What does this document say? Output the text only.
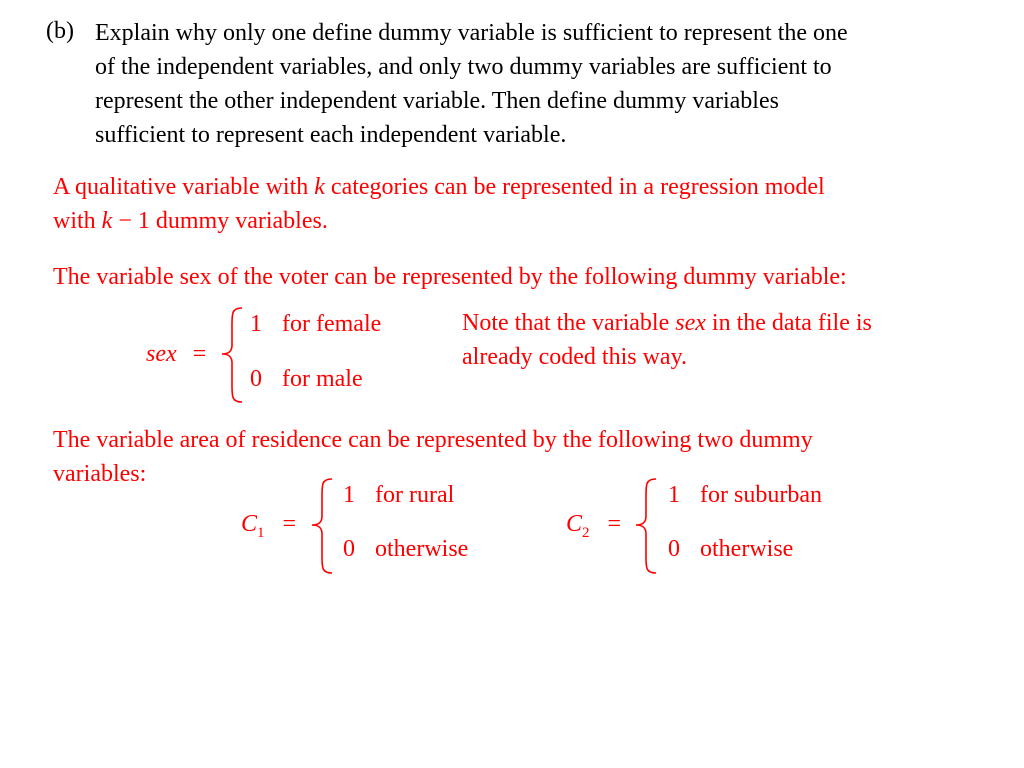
(b) Explain why only one define dummy variable is sufficient to represent the one
of the independent variables, and only two dummy variables are sufficient to
represent the other independent variable. Then define dummy variables
sufficient to represent each independent variable.
A qualitative variable with k categories can be represented in a regression model
with k − 1 dummy variables.
The variable sex of the voter can be represented by the following dummy variable:
sex =
1 for female
0 for male
Note that the variable sex in the data file is
already coded this way.
The variable area of residence can be represented by the following two dummy
variables:
$C_1$ =
1 for rural
0 otherwise
$C_2$ =
1 for suburban
0 otherwise
